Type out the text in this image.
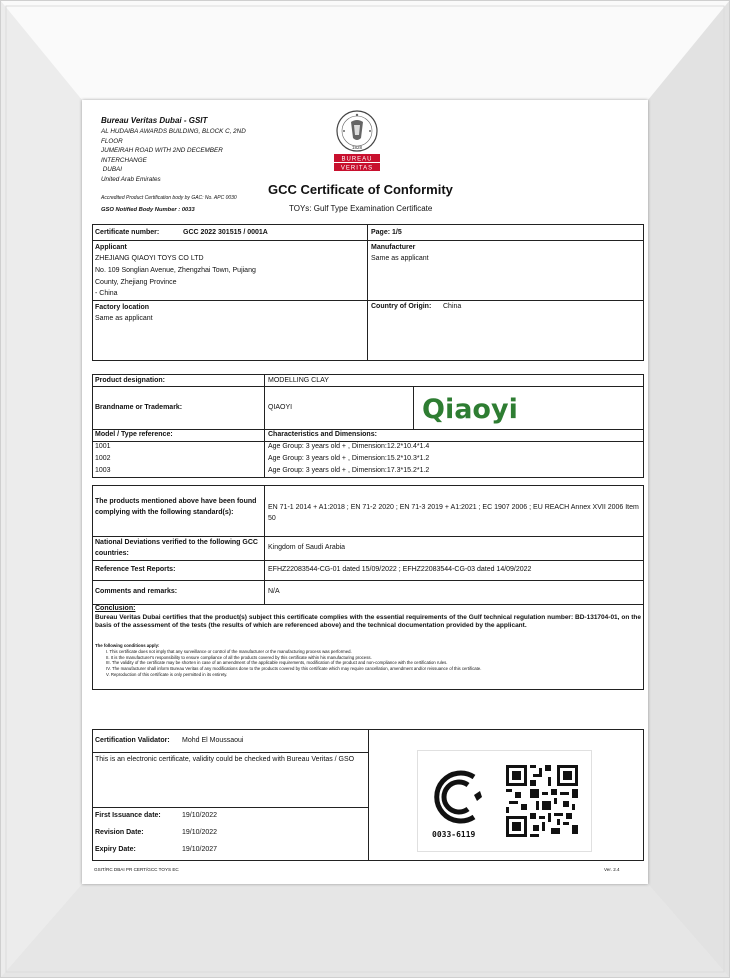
Bureau Veritas Dubai - GSIT
AL HUDAIBA AWARDS BUILDING, BLOCK C, 2ND
FLOOR
JUMEIRAH ROAD WITH 2ND DECEMBER
INTERCHANGE
DUBAI
United Arab Emirates
Accredited Product Certification body by GAC: No. APC 0030
GSO Notified Body Number : 0033
1828
BUREAU
VERITAS
GCC Certificate of Conformity
TOYs: Gulf Type Examination Certificate
Certificate number:	GCC 2022 301515 / 0001A	Page: 1/5
Applicant
ZHEJIANG QIAOYI TOYS CO LTD
No. 109 Songlian Avenue, Zhengzhai Town, Pujiang
County, Zhejiang Province
- China
Manufacturer
Same as applicant
Factory location
Same as applicant
Country of Origin: China
Product designation:	MODELLING CLAY
Brandname or Trademark:	QIAOYI	Qiaoyi
Model / Type reference:	Characteristics and Dimensions:
1001	Age Group: 3 years old + , Dimension:12.2*10.4*1.4
1002	Age Group: 3 years old + , Dimension:15.2*10.3*1.2
1003	Age Group: 3 years old + , Dimension:17.3*15.2*1.2
The products mentioned above have been found complying with the following standard(s):
EN 71-1 2014 + A1:2018 ; EN 71-2 2020 ; EN 71-3 2019 + A1:2021 ; EC 1907 2006 ; EU REACH Annex XVII 2006 Item 50
National Deviations verified to the following GCC countries:
Kingdom of Saudi Arabia
Reference Test Reports:	EFHZ22083544-CG-01 dated 15/09/2022 ; EFHZ22083544-CG-03 dated 14/09/2022
Comments and remarks:	N/A
Conclusion:
Bureau Veritas Dubai certifies that the product(s) subject this certificate complies with the essential requirements of the Gulf technical regulation number: BD-131704-01, on the basis of the assessment of the tests (the results of which are referenced above) and the technical documentation provided by the applicant.
The following conditions apply:
I. This certificate does not imply that any surveillance or control of the manufacturer or the manufacturing process was performed.
II. It is the manufacturer's responsibility to ensure compliance of all the products covered by this certificate within his manufacturing process.
III. The validity of the certificate may be shorten in case of an amendment of the applicable requirements, modification of the product and non-compliance with the certification rules.
IV. The manufacturer shall inform Bureau Veritas of any modifications done to the products covered by this certificate which may require cancellation, amendment and/or reissuance of this certificate.
V. Reproduction of this certificate is only permitted in its entirety.
Certification Validator: Mohd El Moussaoui
This is an electronic certificate, validity could be checked with Bureau Veritas / GSO
First Issuance date:	19/10/2022
Revision Date:	19/10/2022
Expiry Date:	19/10/2027
0033-6119
GSIT/RC DBAI PR CERT/GCC TOYS EC	Ver. 2.4
